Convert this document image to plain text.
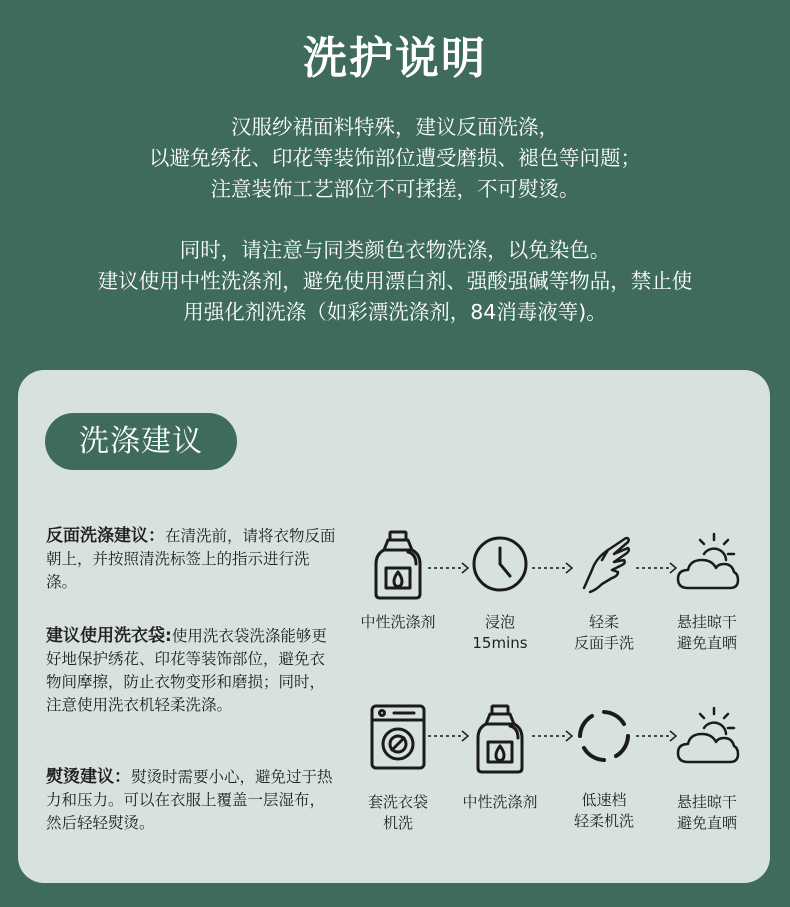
洗护说明

汉服纱裙面料特殊，建议反面洗涤，

以避免绣花、印花等装饰部位遭受磨损、褪色等问题；

注意装饰工艺部位不可揉搓，不可熨烫。

同时，请注意与同类颜色衣物洗涤，以免染色。

建议使用中性洗涤剂，避免使用漂白剂、强酸强碱等物品，禁止使

用强化剂洗涤（如彩漂洗涤剂，84消毒液等)。

洗涤建议
反面洗涤建议：在清洗前，请将衣物反面朝上，并按照清洗标签上的指示进行洗涤。
建议使用洗衣袋:使用洗衣袋洗涤能够更好地保护绣花、印花等装饰部位，避免衣物间摩擦，防止衣物变形和磨损；同时，注意使用洗衣机轻柔洗涤。
熨烫建议：熨烫时需要小心，避免过于热力和压力。可以在衣服上覆盖一层湿布，然后轻轻熨烫。
中性洗涤剂	浸泡
15mins
轻柔
反面手洗
悬挂晾干
避免直晒
套洗衣袋
机洗
中性洗涤剂	低速档
轻柔机洗
悬挂晾干
避免直晒
